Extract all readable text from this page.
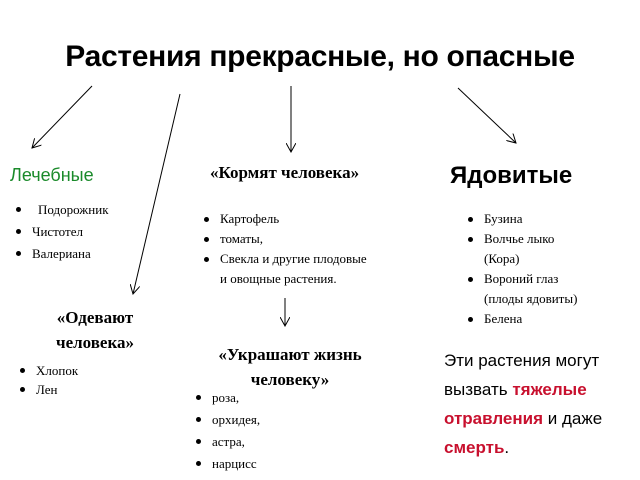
Растения прекрасные, но опасные
Лечебные
Подорожник
Чистотел
Валериана
«Кормят человека»
Картофель
томаты,
Свекла и другие плодовые
и овощные растения.
Ядовитые
Бузина
Волчье лыко
(Кора)
Вороний глаз
(плоды ядовиты)
Белена
«Одевают
человека»
Хлопок
Лен
«Украшают жизнь
человеку»
роза,
орхидея,
астра,
нарцисс
Эти растения могут
вызвать тяжелые
отравления и даже
смерть.
